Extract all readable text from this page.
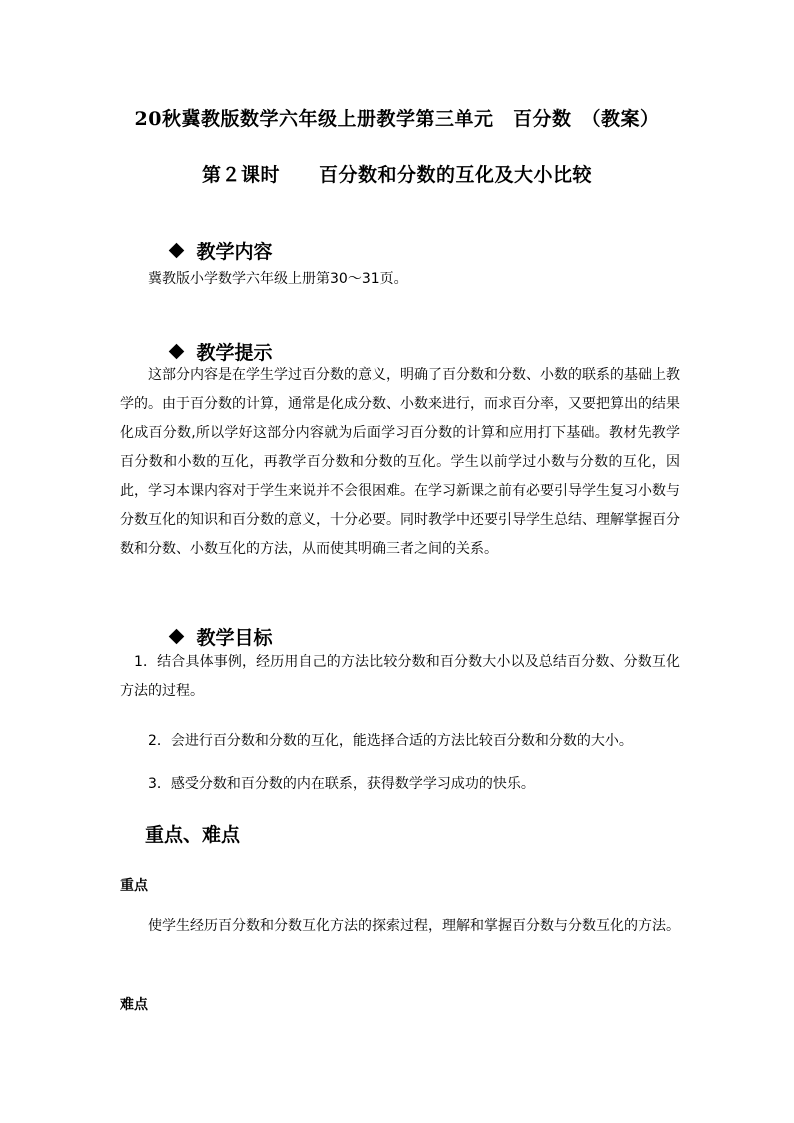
20秋冀教版数学六年级上册教学第三单元　百分数　（教案）
第２课时　　百分数和分数的互化及大小比较

教学内容

冀教版小学数学六年级上册第30～31页。

教学提示

这部分内容是在学生学过百分数的意义，明确了百分数和分数、小数的联系的基础上教学的。由于百分数的计算，通常是化成分数、小数来进行，而求百分率，又要把算出的结果化成百分数,所以学好这部分内容就为后面学习百分数的计算和应用打下基础。教材先教学百分数和小数的互化，再教学百分数和分数的互化。学生以前学过小数与分数的互化，因此，学习本课内容对于学生来说并不会很困难。在学习新课之前有必要引导学生复习小数与分数互化的知识和百分数的意义，十分必要。同时教学中还要引导学生总结、理解掌握百分数和分数、小数互化的方法，从而使其明确三者之间的关系。

教学目标

1．结合具体事例，经历用自己的方法比较分数和百分数大小以及总结百分数、分数互化方法的过程。
2．会进行百分数和分数的互化，能选择合适的方法比较百分数和分数的大小。
3．感受分数和百分数的内在联系，获得数学学习成功的快乐。
重点、难点
重点
使学生经历百分数和分数互化方法的探索过程，理解和掌握百分数与分数互化的方法。
难点
